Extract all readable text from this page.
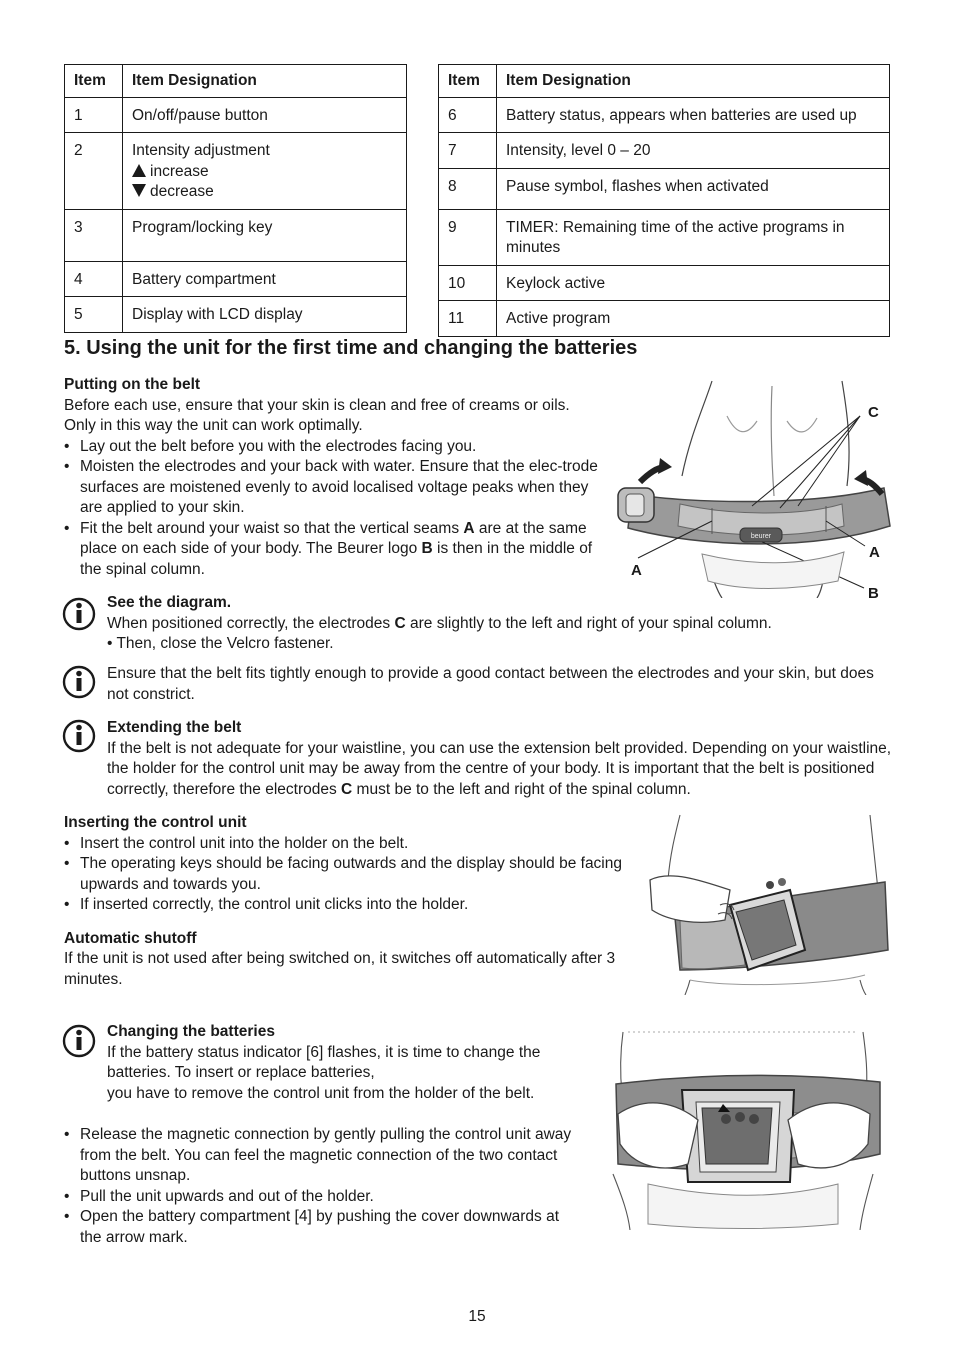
Item	Item Designation
1	On/off/pause button
2	Intensity adjustment
increase
decrease

3	Program/locking key
4	Battery compartment
5	Display with LCD display
Item	Item Designation
6	Battery status, appears when batteries are used up
7	Intensity, level 0 – 20
8	Pause symbol, flashes when activated
9	TIMER: Remaining time of the active programs in minutes
10	Keylock active
11	Active program
5. Using the unit for the first time and changing the batteries
Putting on the belt
Before each use, ensure that your skin is clean and free of creams or oils. Only in this way the unit can work optimally.
• Lay out the belt before you with the electrodes facing you.
• Moisten the electrodes and your back with water. Ensure that the elec-trode surfaces are moistened evenly to avoid localised voltage peaks when they are applied to your skin.
• Fit the belt around your waist so that the vertical seams A are at the same place on each side of your body. The Beurer logo B is then in the middle of the spinal column.
beurer
C
A
A
B
See the diagram.
When positioned correctly, the electrodes C are slightly to the left and right of your spinal column.
• Then, close the Velcro fastener.
Ensure that the belt fits tightly enough to provide a good contact between the electrodes and your skin, but does not constrict.
Extending the belt
If the belt is not adequate for your waistline, you can use the extension belt provided. Depending on your waistline, the holder for the control unit may be away from the centre of your body. It is important that the belt is positioned correctly, therefore the electrodes C must be to the left and right of the spinal column.
Inserting the control unit
• Insert the control unit into the holder on the belt.
• The operating keys should be facing outwards and the display should be facing upwards and towards you.
• If inserted correctly, the control unit clicks into the holder.
Automatic shutoff
If the unit is not used after being switched on, it switches off automatically after 3 minutes.
Changing the batteries
If the battery status indicator [6] flashes, it is time to change the batteries. To insert or replace batteries,
you have to remove the control unit from the holder of the belt.
• Release the magnetic connection by gently pulling the control unit away from the belt. You can feel the magnetic connection of the two contact buttons unsnap.
• Pull the unit upwards and out of the holder.
• Open the battery compartment [4] by pushing the cover downwards at the arrow mark.
15
